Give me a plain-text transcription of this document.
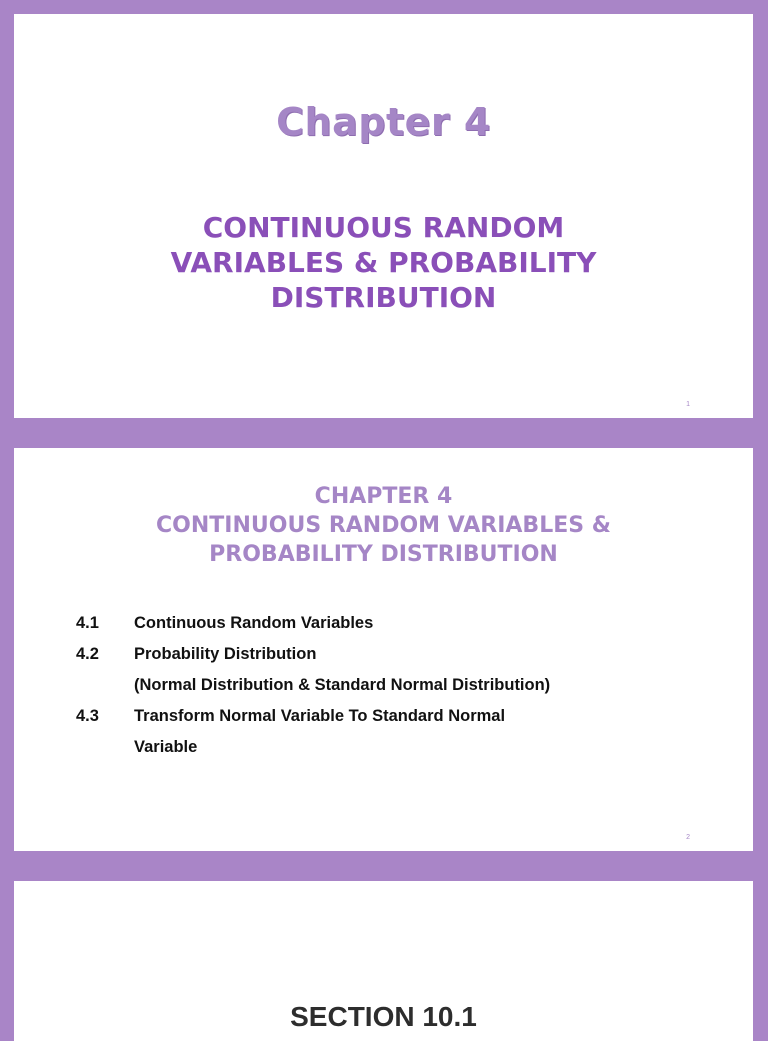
Chapter 4
CONTINUOUS RANDOM
VARIABLES & PROBABILITY
DISTRIBUTION
1
CHAPTER 4
CONTINUOUS RANDOM VARIABLES &
PROBABILITY DISTRIBUTION
4.1	Continuous Random Variables
4.2	Probability Distribution
(Normal Distribution & Standard Normal Distribution)
4.3	Transform Normal Variable To Standard Normal
Variable
2
SECTION 10.1
